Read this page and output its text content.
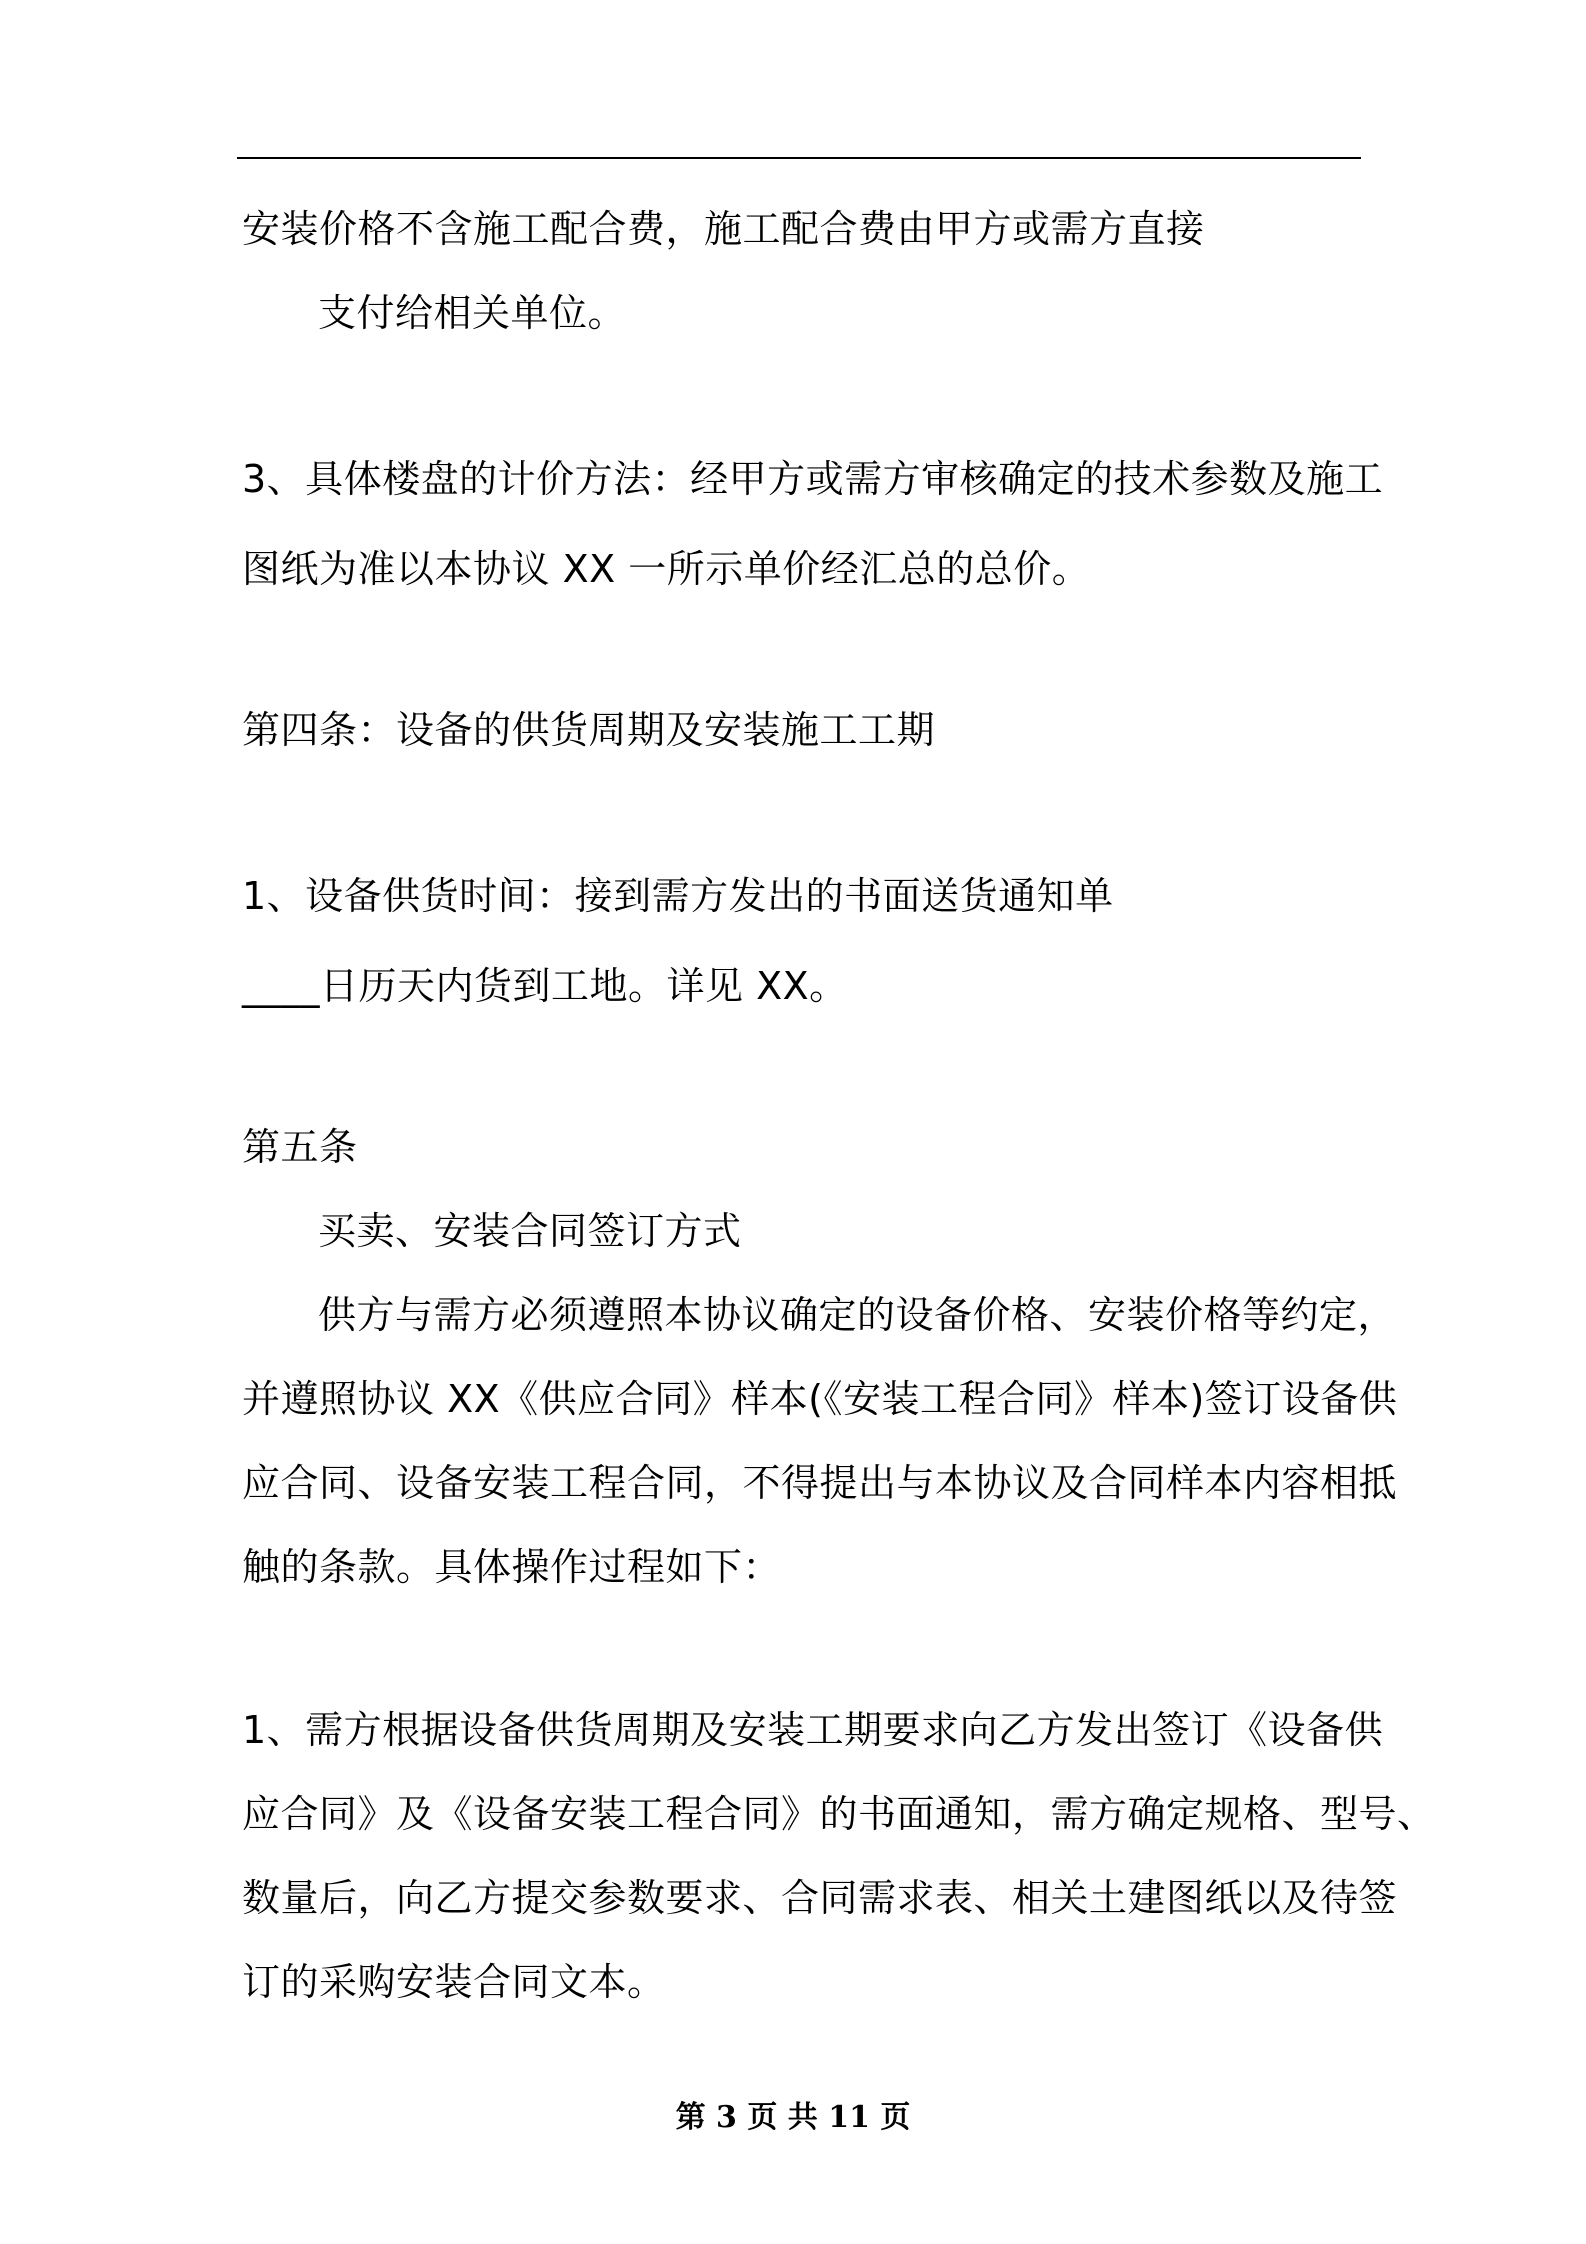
安装价格不含施工配合费，施工配合费由甲方或需方直接
支付给相关单位。
3、具体楼盘的计价方法：经甲方或需方审核确定的技术参数及施工
图纸为准以本协议 XX 一所示单价经汇总的总价。
第四条：设备的供货周期及安装施工工期
1、设备供货时间：接到需方发出的书面送货通知单
____日历天内货到工地。详见 XX。
第五条
买卖、安装合同签订方式
供方与需方必须遵照本协议确定的设备价格、安装价格等约定，
并遵照协议 XX《供应合同》样本(《安装工程合同》样本)签订设备供
应合同、设备安装工程合同，不得提出与本协议及合同样本内容相抵
触的条款。具体操作过程如下：
1、需方根据设备供货周期及安装工期要求向乙方发出签订《设备供
应合同》及《设备安装工程合同》的书面通知，需方确定规格、型号、
数量后，向乙方提交参数要求、合同需求表、相关土建图纸以及待签
订的采购安装合同文本。
第 3 页 共 11 页
